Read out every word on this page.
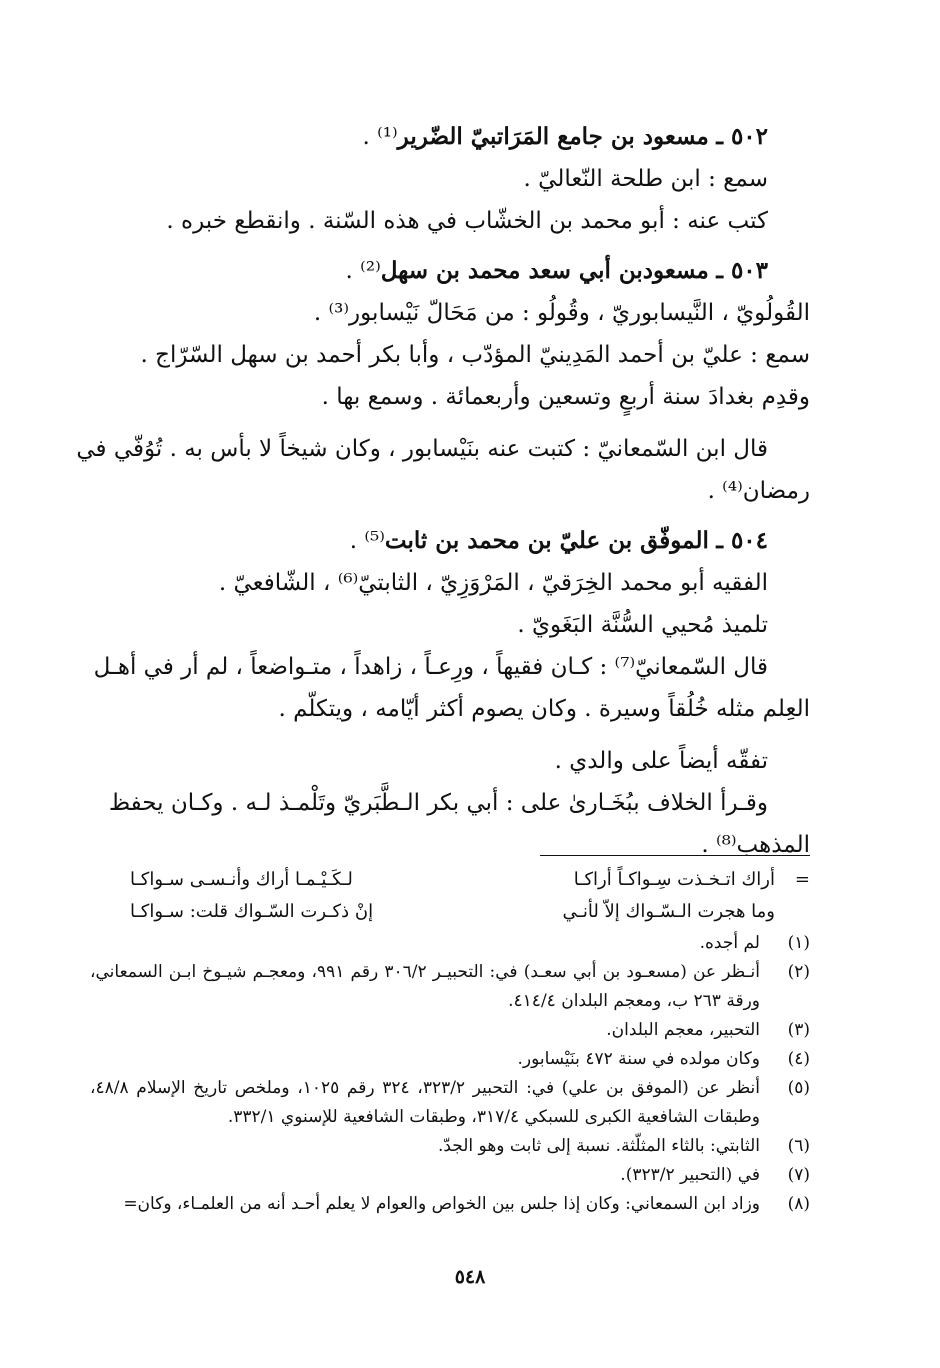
٥٠٢ ـ مسعود بن جامع المَرَاتبيّ الضّرير⁽¹⁾ .
سمع : ابن طلحة النّعاليّ .
كتب عنه : أبو محمد بن الخشّاب في هذه السّنة . وانقطع خبره .
٥٠٣ ـ مسعودبن أبي سعد محمد بن سهل⁽²⁾ .
القُولُويّ ، النَّيسابوريّ ، وقُولُو : من مَحَالّ نَيْسابور⁽³⁾ .
سمع : عليّ بن أحمد المَدِينيّ المؤدّب ، وأبا بكر أحمد بن سهل السّرّاج .
وقدِم بغدادَ سنة أربعٍ وتسعين وأربعمائة . وسمع بها .
قال ابن السّمعانيّ : كتبت عنه بنَيْسابور ، وكان شيخاً لا بأس به . تُوُفّي في
رمضان⁽⁴⁾ .
٥٠٤ ـ الموفّق بن عليّ بن محمد بن ثابت⁽⁵⁾ .
الفقيه أبو محمد الخِرَقيّ ، المَرْوَزِيّ ، الثابتيّ⁽⁶⁾ ، الشّافعيّ .
تلميذ مُحيي السُّنَّة البَغَويّ .
قال السّمعانيّ⁽⁷⁾ : كـان فقيهاً ، ورِعـاً ، زاهداً ، متـواضعاً ، لم أر في أهـل
العِلم مثله خُلُقاً وسيرة . وكان يصوم أكثر أيّامه ، ويتكلّم .
تفقّه أيضاً على والدي .
وقـرأ الخلاف ببُخَـارىٰ على : أبي بكر الـطَّبَريّ وتَلْمـذ لـه . وكـان يحفظ
المذهب⁽⁸⁾ .
=
أراك اتـخـذت سِـواكـاً أراكـا
لـكَـيْـمـا أراك وأنـسـى سـواكـا
وما هجرت الـسّـواك إلاّ لأنـي
إنْ ذكـرت السّـواك قلت: سـواكـا
(١)
لم أجده.
(٢)
أنـظر عن (مسعـود بن أبي سعـد) في: التحبيـر ٣٠٦/٢ رقم ٩٩١، ومعجـم شيـوخ ابـن السمعاني، ورقة ٢٦٣ ب، ومعجم البلدان ٤١٤/٤.
(٣)
التحبير، معجم البلدان.
(٤)
وكان مولده في سنة ٤٧٢ بنَيْسابور.
(٥)
أنظر عن (الموفق بن علي) في: التحبير ٣٢٣/٢، ٣٢٤ رقم ١٠٢٥، وملخص تاريخ الإسلام ٤٨/٨، وطبقات الشافعية الكبرى للسبكي ٣١٧/٤، وطبقات الشافعية للإسنوي ٣٣٢/١.
(٦)
الثابتي: بالثاء المثلّثة. نسبة إلى ثابت وهو الجدّ.
(٧)
في (التحبير ٣٢٣/٢).
(٨)
وزاد ابن السمعاني: وكان إذا جلس بين الخواص والعوام لا يعلم أحـد أنه من العلمـاء، وكان=
٥٤٨
